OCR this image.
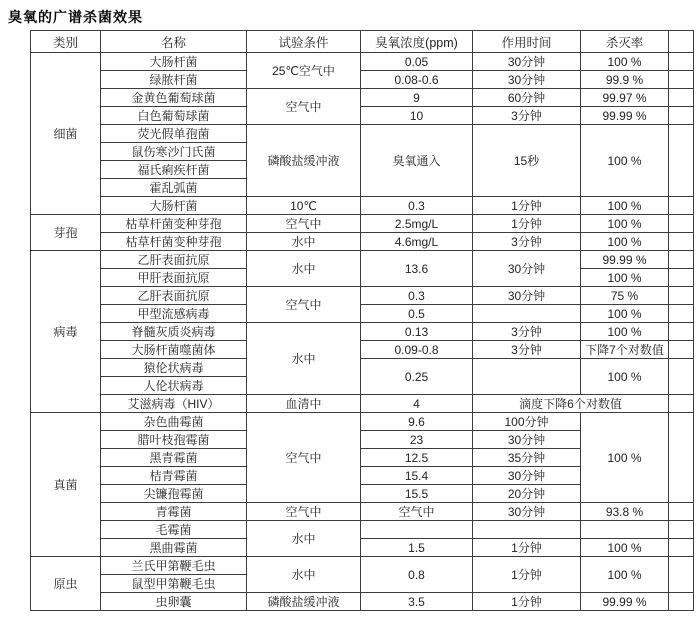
臭氧的广谱杀菌效果
类别	名称	试验条件	臭氧浓度(ppm)	作用时间	杀灭率	
细菌	大肠杆菌	25℃空气中	0.05	30分钟	100 %	
	绿脓杆菌		0.08-0.6	30分钟	99.9 %	
	金黄色葡萄球菌	空气中	9	60分钟	99.97 %	
	白色葡萄球菌		10	3分钟	99.99 %	
	荧光假单孢菌	磷酸盐缓冲液	臭氧通入	15秒	100 %	
	鼠伤寒沙门氏菌					
	福氏痢疾杆菌					
	霍乱弧菌					
	大肠杆菌	10℃	0.3	1分钟	100 %	
芽孢	枯草杆菌变种芽孢	空气中	2.5mg/L	1分钟	100 %	
	枯草杆菌变种芽孢	水中	4.6mg/L	3分钟	100 %	
病毒	乙肝表面抗原	水中	13.6	30分钟	99.99 %	
	甲肝表面抗原				100 %	
	乙肝表面抗原	空气中	0.3	30分钟	75 %	
	甲型流感病毒		0.5		100 %	
	脊髓灰质炎病毒	水中	0.13	3分钟	100 %	
	大肠杆菌噬菌体		0.09-0.8	3分钟	下降7个对数值	
	猿伦状病毒		0.25		100 %	
	人伦状病毒					
	艾滋病毒（HIV）	血清中	4	滴度下降6个对数值		
真菌	杂色曲霉菌	空气中	9.6	100分钟	100 %	
	腊叶枝孢霉菌		23	30分钟		
	黑青霉菌		12.5	35分钟		
	桔青霉菌		15.4	30分钟		
	尖镰孢霉菌		15.5	20分钟		
	青霉菌	空气中	空气中	30分钟	93.8 %	
	毛霉菌	水中				
	黑曲霉菌		1.5	1分钟	100 %	
原虫	兰氏甲第鞭毛虫	水中	0.8	1分钟	100 %	
	鼠型甲第鞭毛虫					
	虫卵囊	磷酸盐缓冲液	3.5	1分钟	99.99 %	
